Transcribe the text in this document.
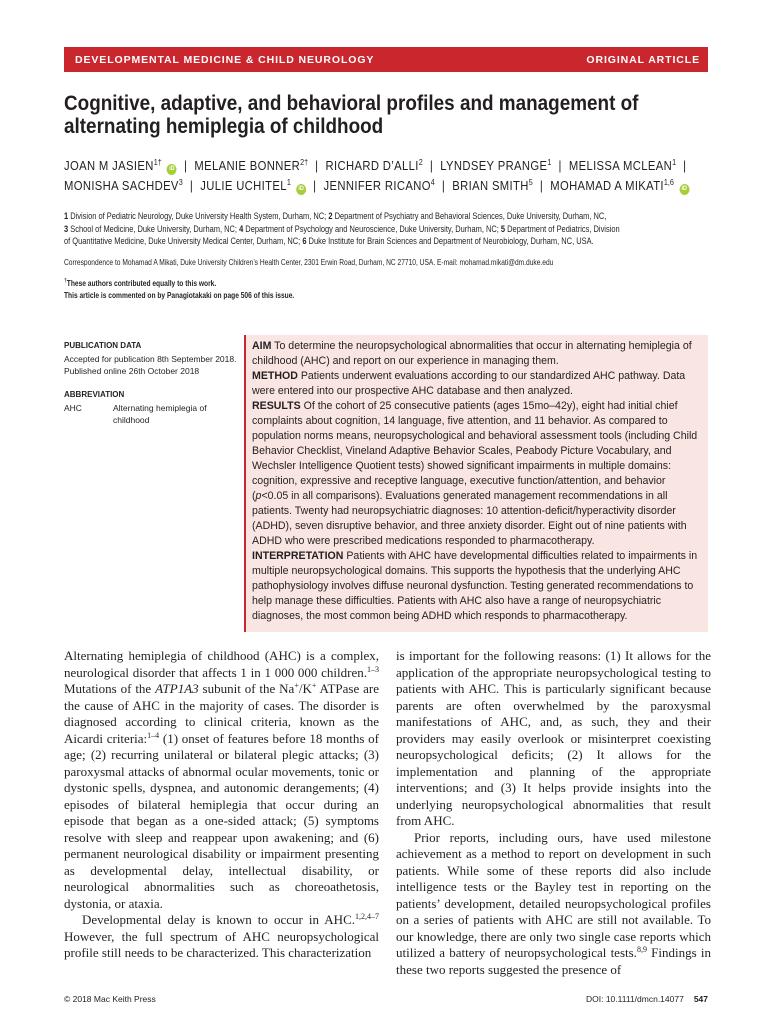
DEVELOPMENTAL MEDICINE & CHILD NEUROLOGY	ORIGINAL ARTICLE
Cognitive, adaptive, and behavioral profiles and management of alternating hemiplegia of childhood
JOAN M $JASIEN^{1\dagger}$ iD | MELANIE $BONNER^{2\dagger}$ | RICHARD D’ALLI$^2$ | LYNDSEY PRANGE$^1$ | MELISSA MCLEAN$^1$ |
MONISHA SACHDEV$^3$ | JULIE UCHITEL$^1$ iD | JENNIFER RICANO$^4$ | BRIAN SMITH$^5$ | MOHAMAD A MIKATI$^{1,6}$ iD
1 Division of Pediatric Neurology, Duke University Health System, Durham, NC; 2 Department of Psychiatry and Behavioral Sciences, Duke University, Durham, NC,
3 School of Medicine, Duke University, Durham, NC; 4 Department of Psychology and Neuroscience, Duke University, Durham, NC; 5 Department of Pediatrics, Division
of Quantitative Medicine, Duke University Medical Center, Durham, NC; 6 Duke Institute for Brain Sciences and Department of Neurobiology, Durham, NC, USA.
Correspondence to Mohamad A Mikati, Duke University Children’s Health Center, 2301 Erwin Road, Durham, NC 27710, USA. E-mail: mohamad.mikati@dm.duke.edu
†These authors contributed equally to this work.
This article is commented on by Panagiotakaki on page 506 of this issue.
PUBLICATION DATA

Accepted for publication 8th September 2018.

Published online 26th October 2018

ABBREVIATION
AHC	Alternating hemiplegia of childhood

AIM To determine the neuropsychological abnormalities that occur in alternating hemiplegia of childhood (AHC) and report on our experience in managing them.

METHOD Patients underwent evaluations according to our standardized AHC pathway. Data were entered into our prospective AHC database and then analyzed.

RESULTS Of the cohort of 25 consecutive patients (ages 15mo–42y), eight had initial chief complaints about cognition, 14 language, five attention, and 11 behavior. As compared to population norms means, neuropsychological and behavioral assessment tools (including Child Behavior Checklist, Vineland Adaptive Behavior Scales, Peabody Picture Vocabulary, and Wechsler Intelligence Quotient tests) showed significant impairments in multiple domains: cognition, expressive and receptive language, executive function/attention, and behavior (p<0.05 in all comparisons). Evaluations generated management recommendations in all patients. Twenty had neuropsychiatric diagnoses: 10 attention-deficit/hyperactivity disorder (ADHD), seven disruptive behavior, and three anxiety disorder. Eight out of nine patients with ADHD who were prescribed medications responded to pharmacotherapy.

INTERPRETATION Patients with AHC have developmental difficulties related to impairments in multiple neuropsychological domains. This supports the hypothesis that the underlying AHC pathophysiology involves diffuse neuronal dysfunction. Testing generated recommendations to help manage these difficulties. Patients with AHC also have a range of neuropsychiatric diagnoses, the most common being ADHD which responds to pharmacotherapy.

Alternating hemiplegia of childhood (AHC) is a complex, neurological disorder that affects 1 in 1 000 000 children.$^{1-3}$ Mutations of the ATP1A3 subunit of the Na+/K+ ATPase are the cause of AHC in the majority of cases. The disorder is diagnosed according to clinical criteria, known as the Aicardi criteria:$^{1-4}$ (1) onset of features before 18 months of age; (2) recurring unilateral or bilateral plegic attacks; (3) paroxysmal attacks of abnormal ocular movements, tonic or dystonic spells, dyspnea, and autonomic derangements; (4) episodes of bilateral hemiplegia that occur during an episode that began as a one-sided attack; (5) symptoms resolve with sleep and reappear upon awakening; and (6) permanent neurological disability or impairment presenting as developmental delay, intellectual disability, or neurological abnormalities such as choreoathetosis, dystonia, or ataxia.

Developmental delay is known to occur in AHC.$^{1,2,4-7}$ However, the full spectrum of AHC neuropsychological profile still needs to be characterized. This characterization

is important for the following reasons: (1) It allows for the application of the appropriate neuropsychological testing to patients with AHC. This is particularly significant because parents are often overwhelmed by the paroxysmal manifestations of AHC, and, as such, they and their providers may easily overlook or misinterpret coexisting neuropsychological deficits; (2) It allows for the implementation and planning of the appropriate interventions; and (3) It helps provide insights into the underlying neuropsychological abnormalities that result from AHC.

Prior reports, including ours, have used milestone achievement as a method to report on development in such patients. While some of these reports did also include intelligence tests or the Bayley test in reporting on the patients’ development, detailed neuropsychological profiles on a series of patients with AHC are still not available. To our knowledge, there are only two single case reports which utilized a battery of neuropsychological tests.$^{8,9}$ Findings in these two reports suggested the presence of

© 2018 Mac Keith Press	DOI: 10.1111/dmcn.14077 547
